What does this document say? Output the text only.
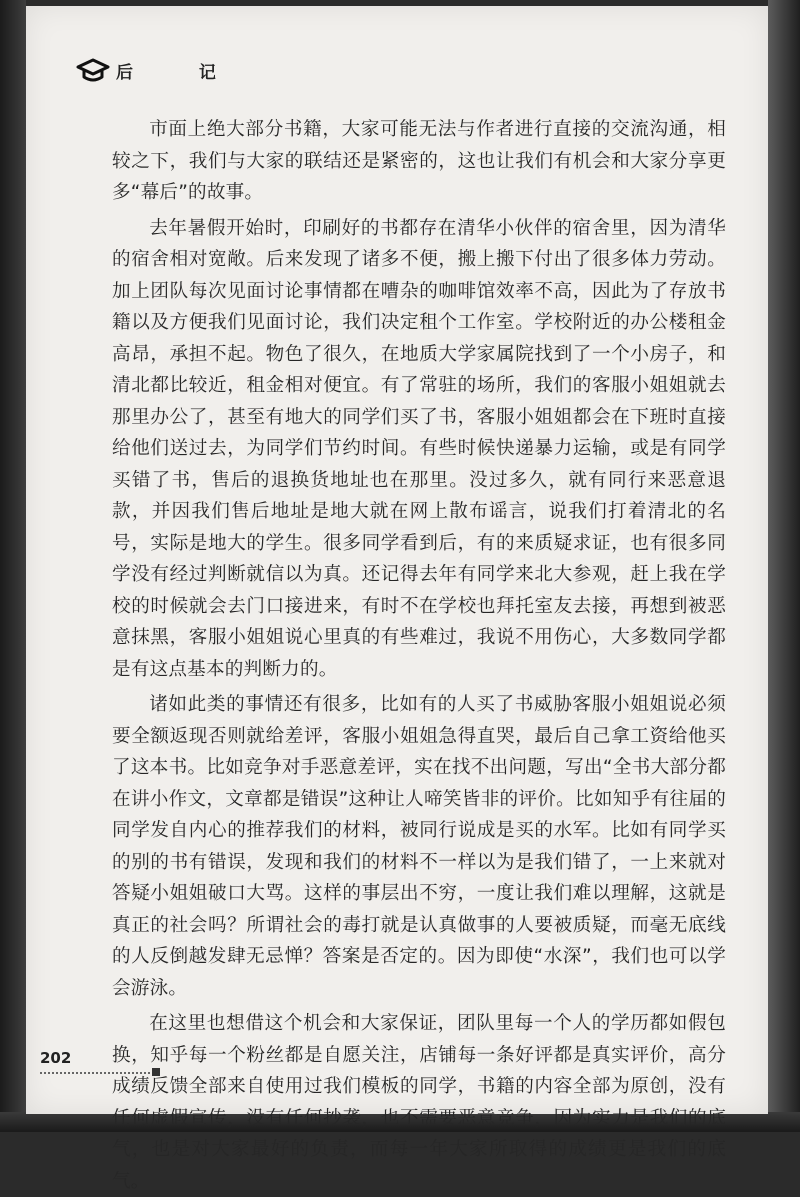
后 记

市面上绝大部分书籍，大家可能无法与作者进行直接的交流沟通，相较之下，我们与大家的联结还是紧密的，这也让我们有机会和大家分享更多“幕后”的故事。

去年暑假开始时，印刷好的书都存在清华小伙伴的宿舍里，因为清华的宿舍相对宽敞。后来发现了诸多不便，搬上搬下付出了很多体力劳动。加上团队每次见面讨论事情都在嘈杂的咖啡馆效率不高，因此为了存放书籍以及方便我们见面讨论，我们决定租个工作室。学校附近的办公楼租金高昂，承担不起。物色了很久，在地质大学家属院找到了一个小房子，和清北都比较近，租金相对便宜。有了常驻的场所，我们的客服小姐姐就去那里办公了，甚至有地大的同学们买了书，客服小姐姐都会在下班时直接给他们送过去，为同学们节约时间。有些时候快递暴力运输，或是有同学买错了书，售后的退换货地址也在那里。没过多久，就有同行来恶意退款，并因我们售后地址是地大就在网上散布谣言，说我们打着清北的名号，实际是地大的学生。很多同学看到后，有的来质疑求证，也有很多同学没有经过判断就信以为真。还记得去年有同学来北大参观，赶上我在学校的时候就会去门口接进来，有时不在学校也拜托室友去接，再想到被恶意抹黑，客服小姐姐说心里真的有些难过，我说不用伤心，大多数同学都是有这点基本的判断力的。

诸如此类的事情还有很多，比如有的人买了书威胁客服小姐姐说必须要全额返现否则就给差评，客服小姐姐急得直哭，最后自己拿工资给他买了这本书。比如竞争对手恶意差评，实在找不出问题，写出“全书大部分都在讲小作文，文章都是错误”这种让人啼笑皆非的评价。比如知乎有往届的同学发自内心的推荐我们的材料，被同行说成是买的水军。比如有同学买的别的书有错误，发现和我们的材料不一样以为是我们错了，一上来就对答疑小姐姐破口大骂。这样的事层出不穷，一度让我们难以理解，这就是真正的社会吗？所谓社会的毒打就是认真做事的人要被质疑，而毫无底线的人反倒越发肆无忌惮？答案是否定的。因为即使“水深”，我们也可以学会游泳。

在这里也想借这个机会和大家保证，团队里每一个人的学历都如假包换，知乎每一个粉丝都是自愿关注，店铺每一条好评都是真实评价，高分成绩反馈全部来自使用过我们模板的同学，书籍的内容全部为原创，没有任何虚假宣传，没有任何抄袭，也不需要恶意竞争，因为实力是我们的底气，也是对大家最好的负责，而每一年大家所取得的成绩更是我们的底气。

202
